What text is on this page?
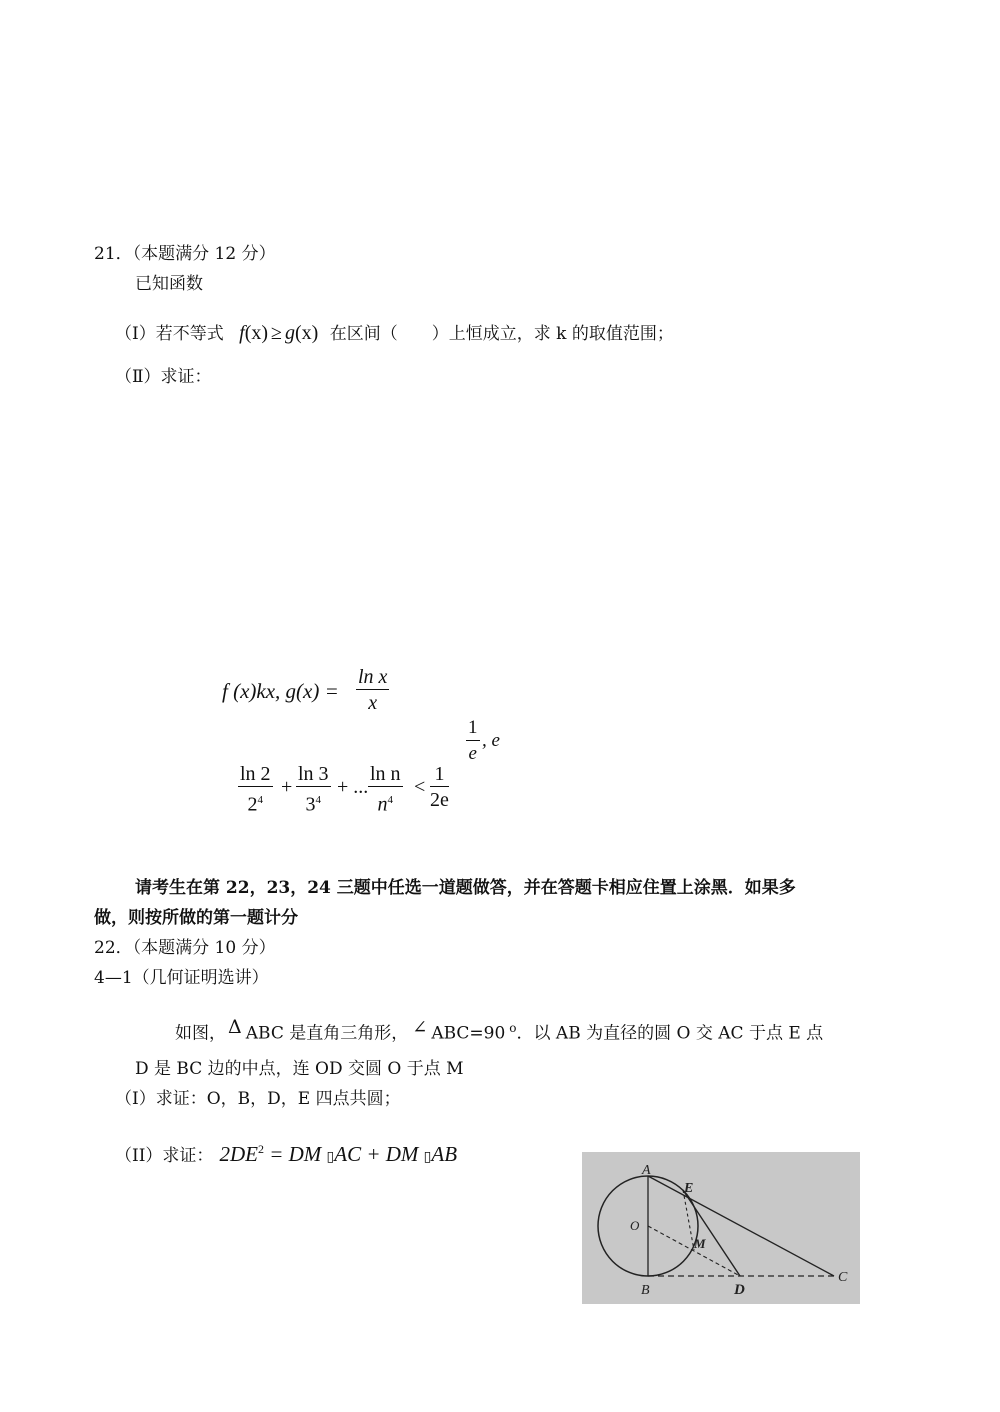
21．（本题满分 12 分）
已知函数
（I）若不等式 f(x) ≥ g(x) 在区间（　　）上恒成立，求 k 的取值范围；
（Ⅱ）求证：
f (x)kx, $g(x) = \frac{\text{ln x}}{x}$
$\frac{1}{e}$ , e
$\frac{\ln 2}{2^4} + \frac{\ln 3}{3^4}$ + ... $\frac{\text{ln n}}{n^4} < \frac{1}{2e}$
请考生在第 22，23，24 三题中任选一道题做答，并在答题卡相应住置上涂黑．如果多
做，则按所做的第一题计分
22．（本题满分 10 分）
4—1（几何证明选讲）
如图， Δ ABC 是直角三角形， ∠ ABC=90 $^o$．以 AB 为直径的圆 O 交 AC 于点 E 点
D 是 BC 边的中点，连 OD 交圆 O 于点 M
（I）求证：O，B，D，E 四点共圆；
（II）求证： $2DE^2$ = DM ▯AC + DM ▯AB
A
E
O
M
B	D
C
